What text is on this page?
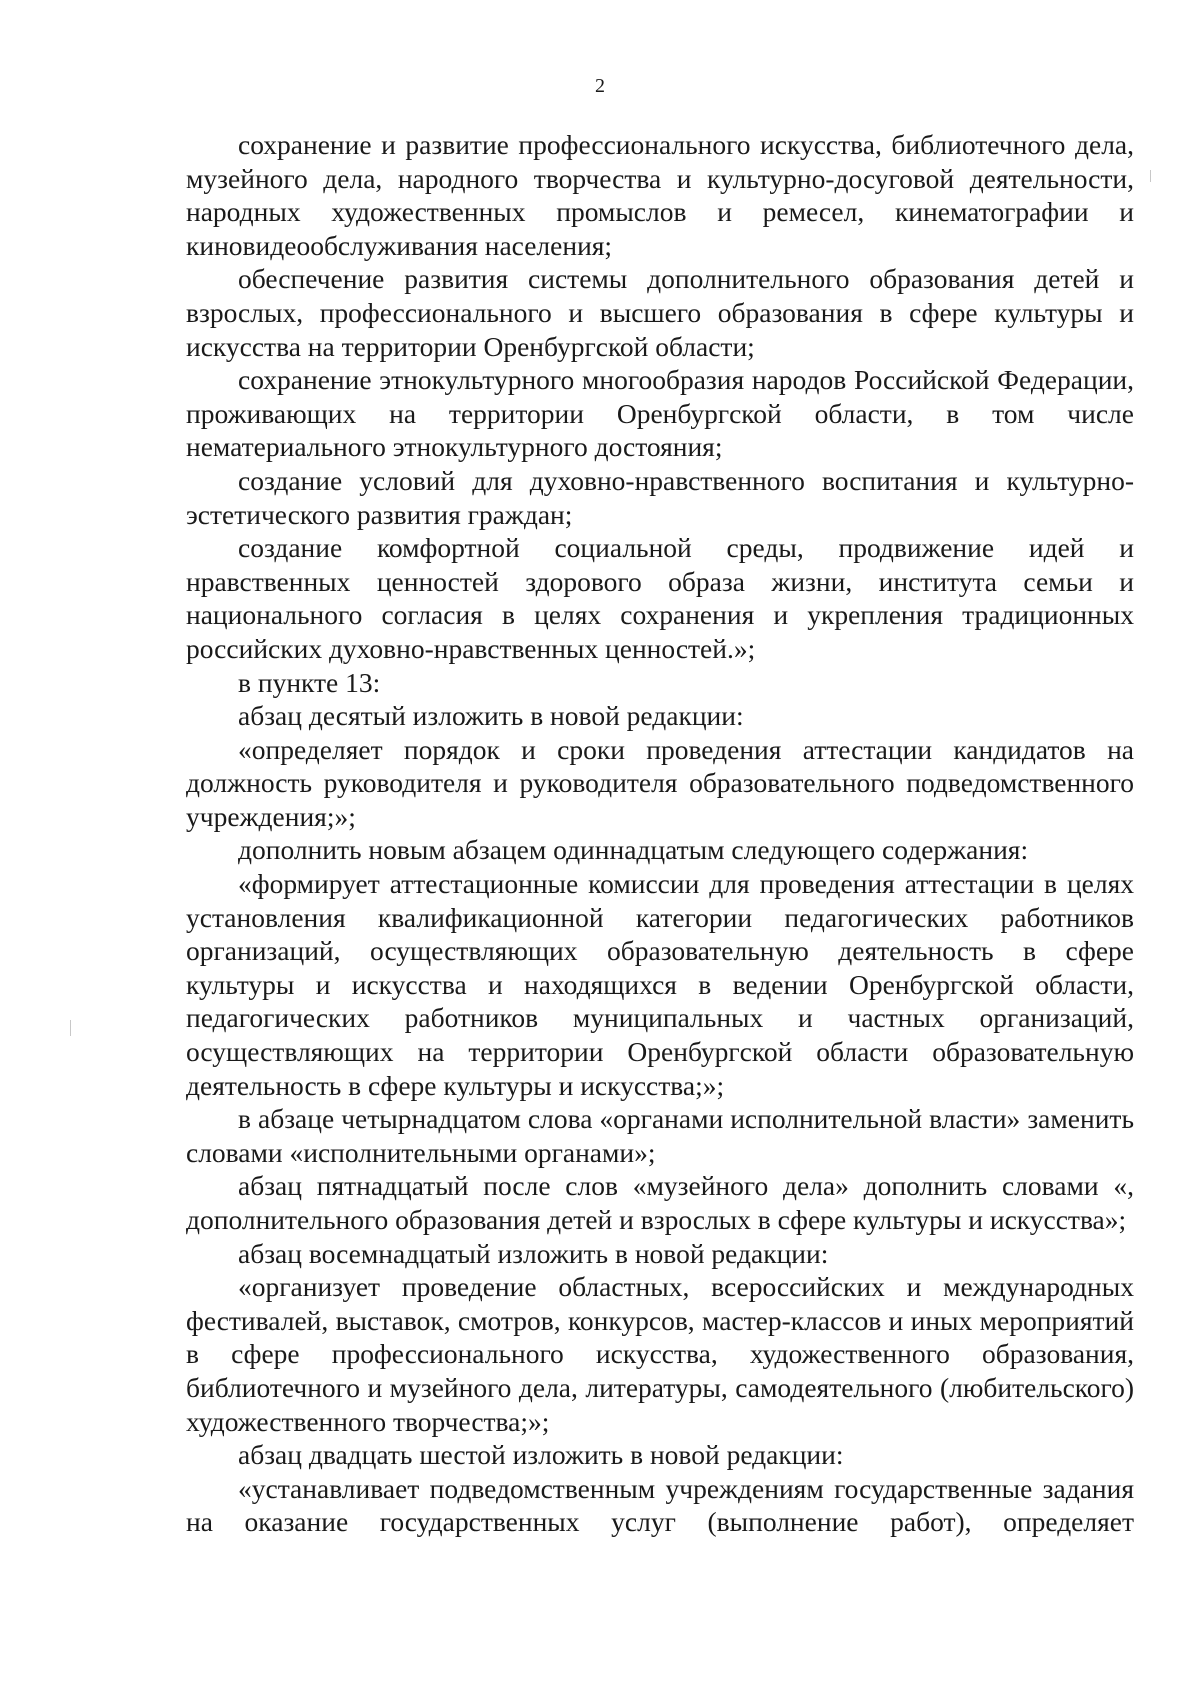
2

сохранение и развитие профессионального искусства, библиотечного дела, музейного дела, народного творчества и культурно-досуговой деятельности, народных художественных промыслов и ремесел, кинематографии и киновидеообслуживания населения;

обеспечение развития системы дополнительного образования детей и взрослых, профессионального и высшего образования в сфере культуры и искусства на территории Оренбургской области;

сохранение этнокультурного многообразия народов Российской Федерации, проживающих на территории Оренбургской области, в том числе нематериального этнокультурного достояния;

создание условий для духовно-нравственного воспитания и культурно-эстетического развития граждан;

создание комфортной социальной среды, продвижение идей и нравственных ценностей здорового образа жизни, института семьи и национального согласия в целях сохранения и укрепления традиционных российских духовно-нравственных ценностей.»;

в пункте 13:

абзац десятый изложить в новой редакции:

«определяет порядок и сроки проведения аттестации кандидатов на должность руководителя и руководителя образовательного подведомственного учреждения;»;

дополнить новым абзацем одиннадцатым следующего содержания:

«формирует аттестационные комиссии для проведения аттестации в целях установления квалификационной категории педагогических работников организаций, осуществляющих образовательную деятельность в сфере культуры и искусства и находящихся в ведении Оренбургской области, педагогических работников муниципальных и частных организаций, осуществляющих на территории Оренбургской области образовательную деятельность в сфере культуры и искусства;»;

в абзаце четырнадцатом слова «органами исполнительной власти» заменить словами «исполнительными органами»;

абзац пятнадцатый после слов «музейного дела» дополнить словами «, дополнительного образования детей и взрослых в сфере культуры и искусства»;

абзац восемнадцатый изложить в новой редакции:

«организует проведение областных, всероссийских и международных фестивалей, выставок, смотров, конкурсов, мастер-классов и иных мероприятий в сфере профессионального искусства, художественного образования, библиотечного и музейного дела, литературы, самодеятельного (любительского) художественного творчества;»;

абзац двадцать шестой изложить в новой редакции:

«устанавливает подведомственным учреждениям государственные задания на оказание государственных услуг (выполнение работ), определяет
